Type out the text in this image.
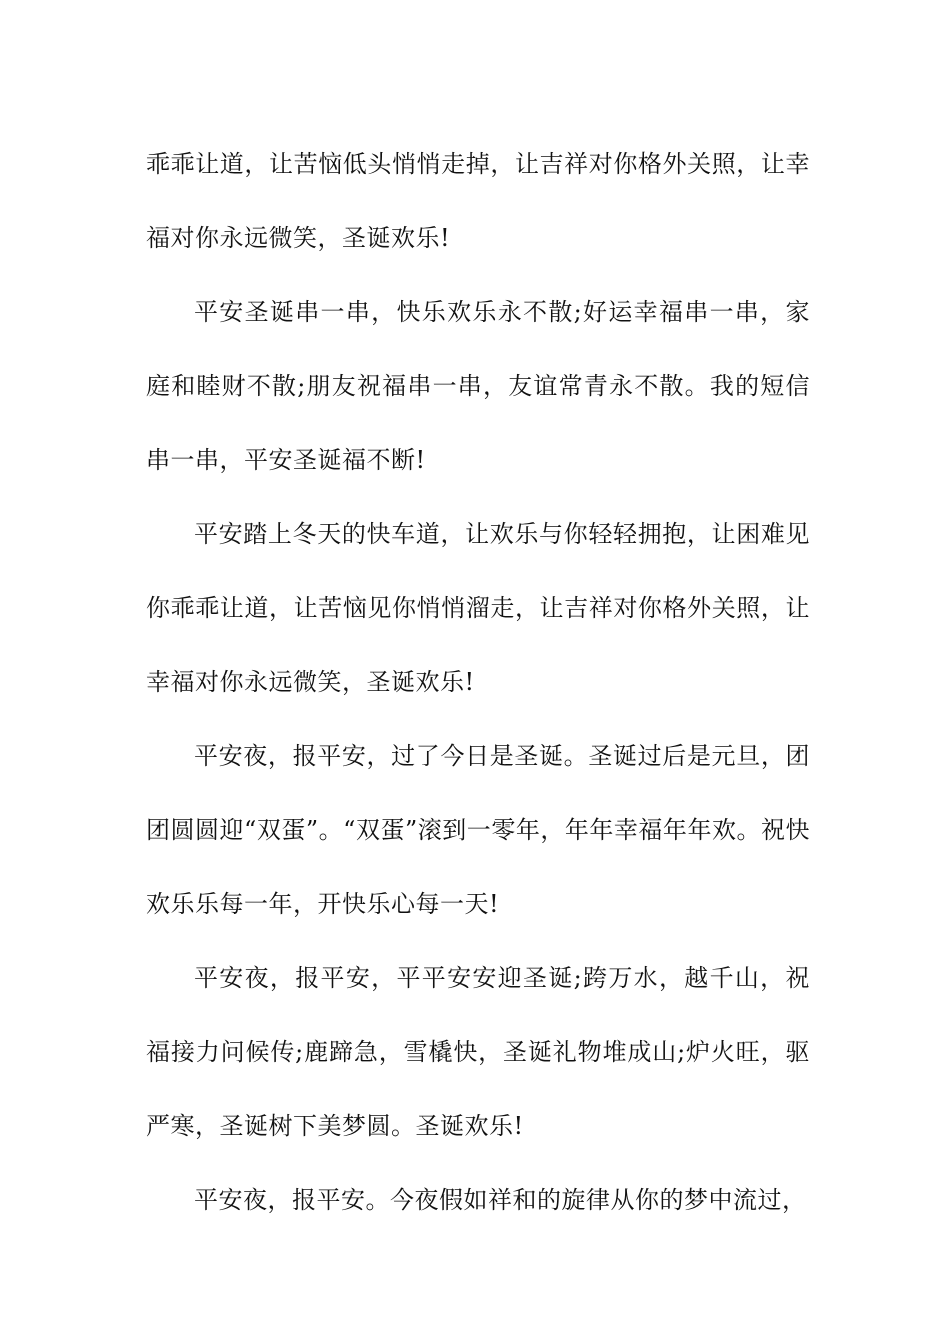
乖乖让道，让苦恼低头悄悄走掉，让吉祥对你格外关照，让幸福对你永远微笑，圣诞欢乐!

平安圣诞串一串，快乐欢乐永不散;好运幸福串一串，家庭和睦财不散;朋友祝福串一串，友谊常青永不散。我的短信串一串，平安圣诞福不断!

平安踏上冬天的快车道，让欢乐与你轻轻拥抱，让困难见你乖乖让道，让苦恼见你悄悄溜走，让吉祥对你格外关照，让幸福对你永远微笑，圣诞欢乐!

平安夜，报平安，过了今日是圣诞。圣诞过后是元旦，团团圆圆迎“双蛋”。“双蛋”滚到一零年，年年幸福年年欢。祝快欢乐乐每一年，开快乐心每一天!

平安夜，报平安，平平安安迎圣诞;跨万水，越千山，祝福接力问候传;鹿蹄急，雪橇快，圣诞礼物堆成山;炉火旺，驱严寒，圣诞树下美梦圆。圣诞欢乐!

平安夜，报平安。今夜假如祥和的旋律从你的梦中流过，
